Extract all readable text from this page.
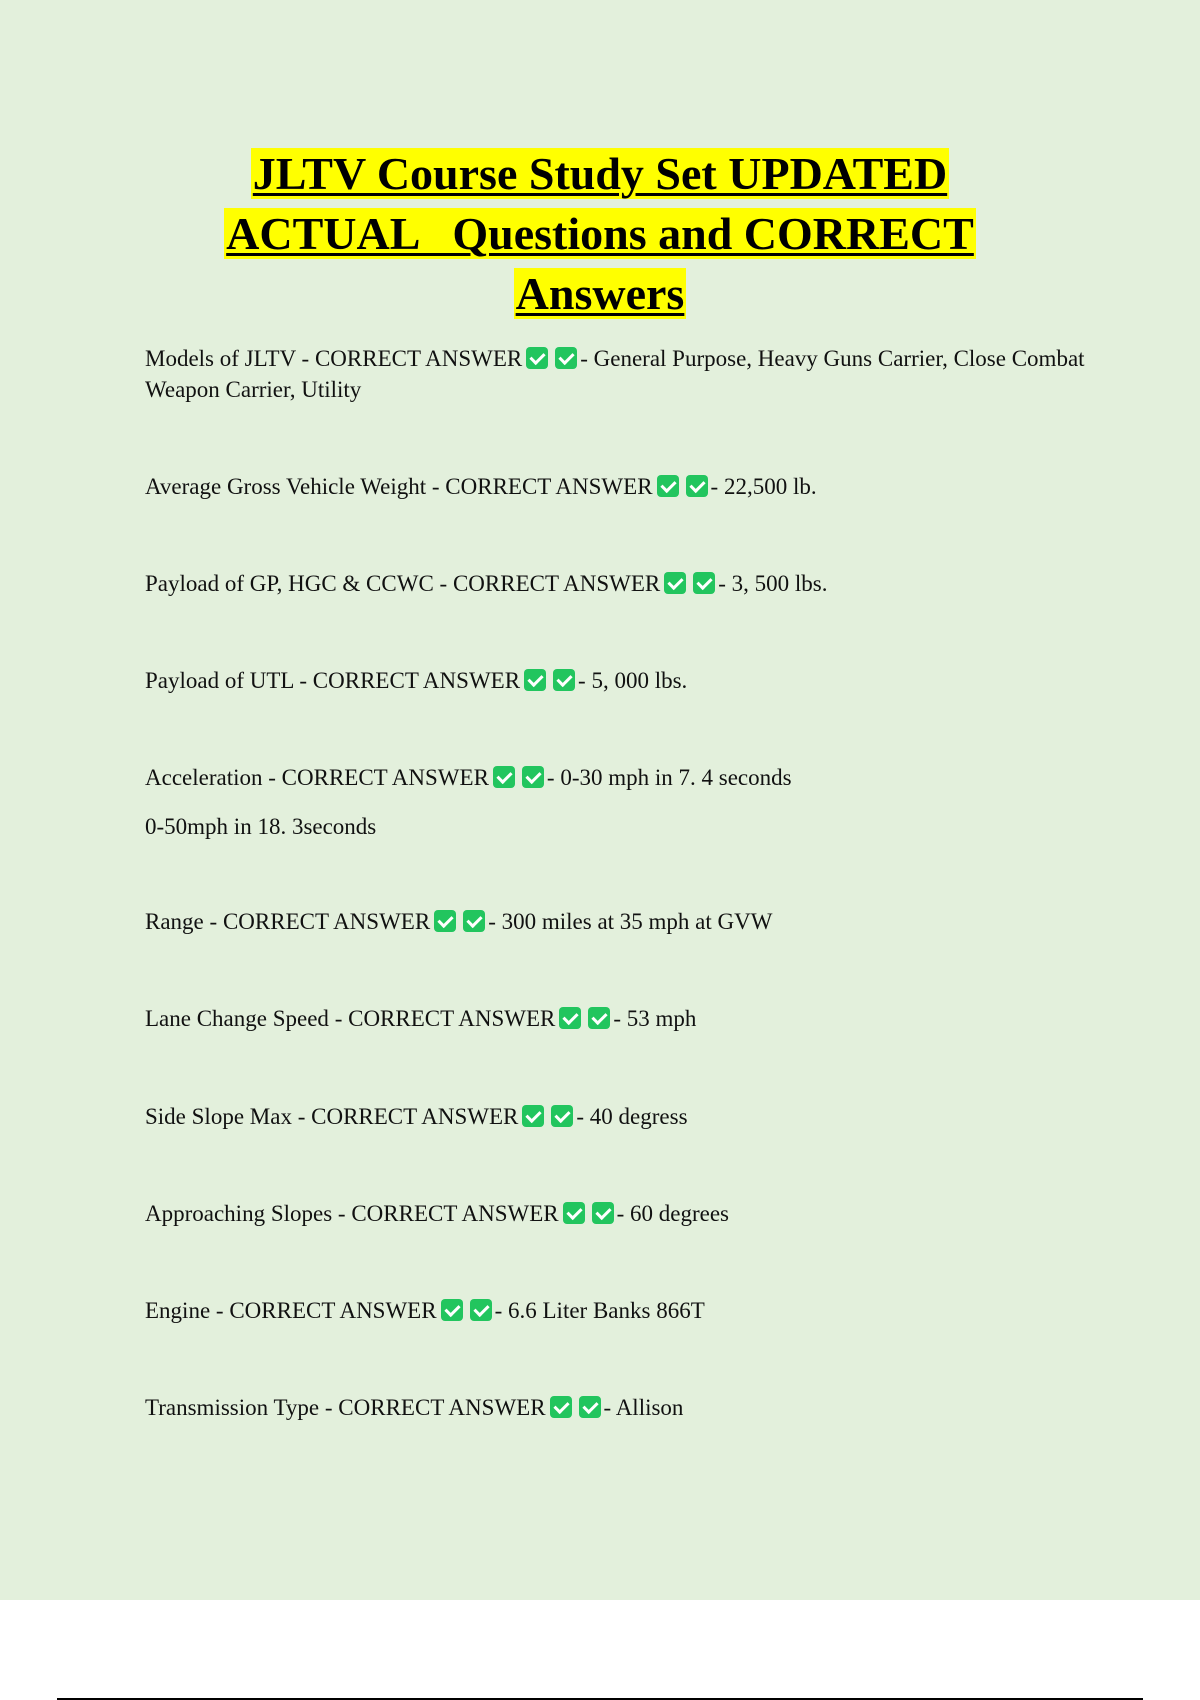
JLTV Course Study Set UPDATED
ACTUAL   Questions and CORRECT
Answers
Models of JLTV - CORRECT ANSWER	- General Purpose, Heavy Guns Carrier, Close Combat Weapon Carrier, Utility
Average Gross Vehicle Weight - CORRECT ANSWER	- 22,500 lb.
Payload of GP, HGC & CCWC - CORRECT ANSWER	- 3, 500 lbs.
Payload of UTL - CORRECT ANSWER	- 5, 000 lbs.
Acceleration - CORRECT ANSWER	- 0-30 mph in 7. 4 seconds
0-50mph in 18. 3seconds
Range - CORRECT ANSWER	- 300 miles at 35 mph at GVW
Lane Change Speed - CORRECT ANSWER	- 53 mph
Side Slope Max - CORRECT ANSWER	- 40 degress
Approaching Slopes - CORRECT ANSWER	- 60 degrees
Engine - CORRECT ANSWER	- 6.6 Liter Banks 866T
Transmission Type - CORRECT ANSWER	- Allison
